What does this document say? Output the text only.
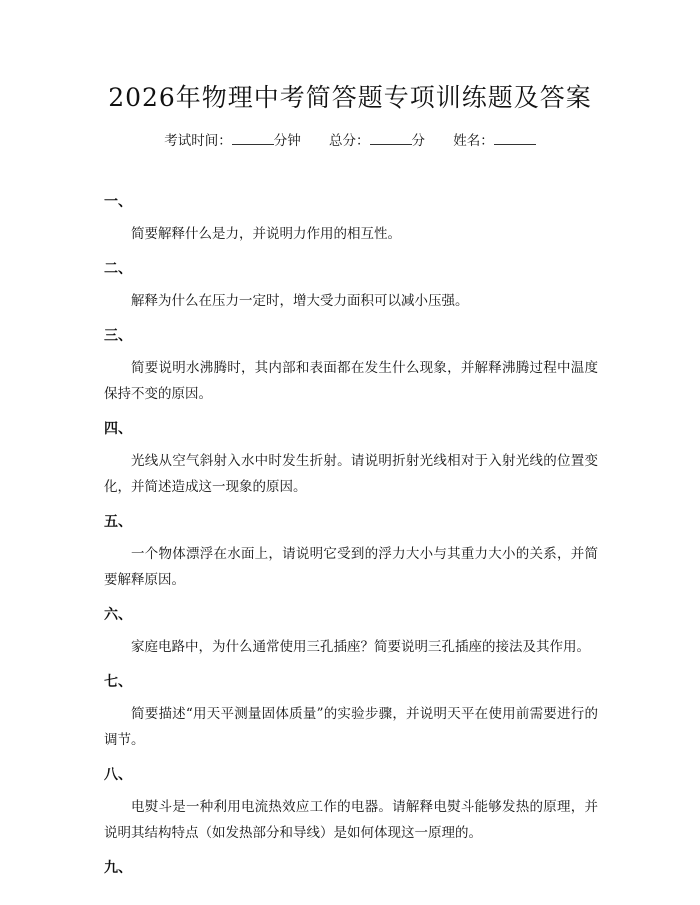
2026年物理中考简答题专项训练题及答案
考试时间：	分钟 总分：	分 姓名：
一、
简要解释什么是力，并说明力作用的相互性。
二、
解释为什么在压力一定时，增大受力面积可以减小压强。
三、
简要说明水沸腾时，其内部和表面都在发生什么现象，并解释沸腾过程中温度保持不变的原因。
四、
光线从空气斜射入水中时发生折射。请说明折射光线相对于入射光线的位置变化，并简述造成这一现象的原因。
五、
一个物体漂浮在水面上，请说明它受到的浮力大小与其重力大小的关系，并简要解释原因。
六、
家庭电路中，为什么通常使用三孔插座？简要说明三孔插座的接法及其作用。
七、
简要描述“用天平测量固体质量”的实验步骤，并说明天平在使用前需要进行的调节。
八、
电熨斗是一种利用电流热效应工作的电器。请解释电熨斗能够发热的原理，并说明其结构特点（如发热部分和导线）是如何体现这一原理的。
九、
